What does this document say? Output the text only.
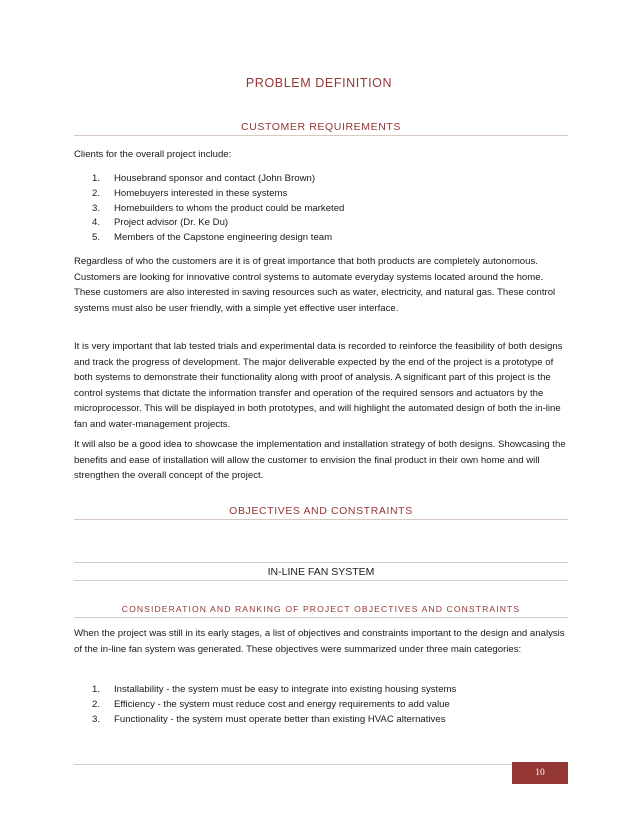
PROBLEM DEFINITION
CUSTOMER REQUIREMENTS

Clients for the overall project include:

1. Housebrand sponsor and contact (John Brown)
2. Homebuyers interested in these systems
3. Homebuilders to whom the product could be marketed
4. Project advisor (Dr. Ke Du)
5. Members of the Capstone engineering design team

Regardless of who the customers are it is of great importance that both products are completely autonomous. Customers are looking for innovative control systems to automate everyday systems located around the home. These customers are also interested in saving resources such as water, electricity, and natural gas. These control systems must also be user friendly, with a simple yet effective user interface.

It is very important that lab tested trials and experimental data is recorded to reinforce the feasibility of both designs and track the progress of development. The major deliverable expected by the end of the project is a prototype of both systems to demonstrate their functionality along with proof of analysis. A significant part of this project is the control systems that dictate the information transfer and operation of the required sensors and actuators by the microprocessor. This will be displayed in both prototypes, and will highlight the automated design of both the in-line fan and water-management projects.

It will also be a good idea to showcase the implementation and installation strategy of both designs. Showcasing the benefits and ease of installation will allow the customer to envision the final product in their own home and will strengthen the overall concept of the project.

OBJECTIVES AND CONSTRAINTS
IN-LINE FAN SYSTEM
CONSIDERATION AND RANKING OF PROJECT OBJECTIVES AND CONSTRAINTS

When the project was still in its early stages, a list of objectives and constraints important to the design and analysis of the in-line fan system was generated. These objectives were summarized under three main categories:

1. Installability - the system must be easy to integrate into existing housing systems
2. Efficiency - the system must reduce cost and energy requirements to add value
3. Functionality - the system must operate better than existing HVAC alternatives
10
